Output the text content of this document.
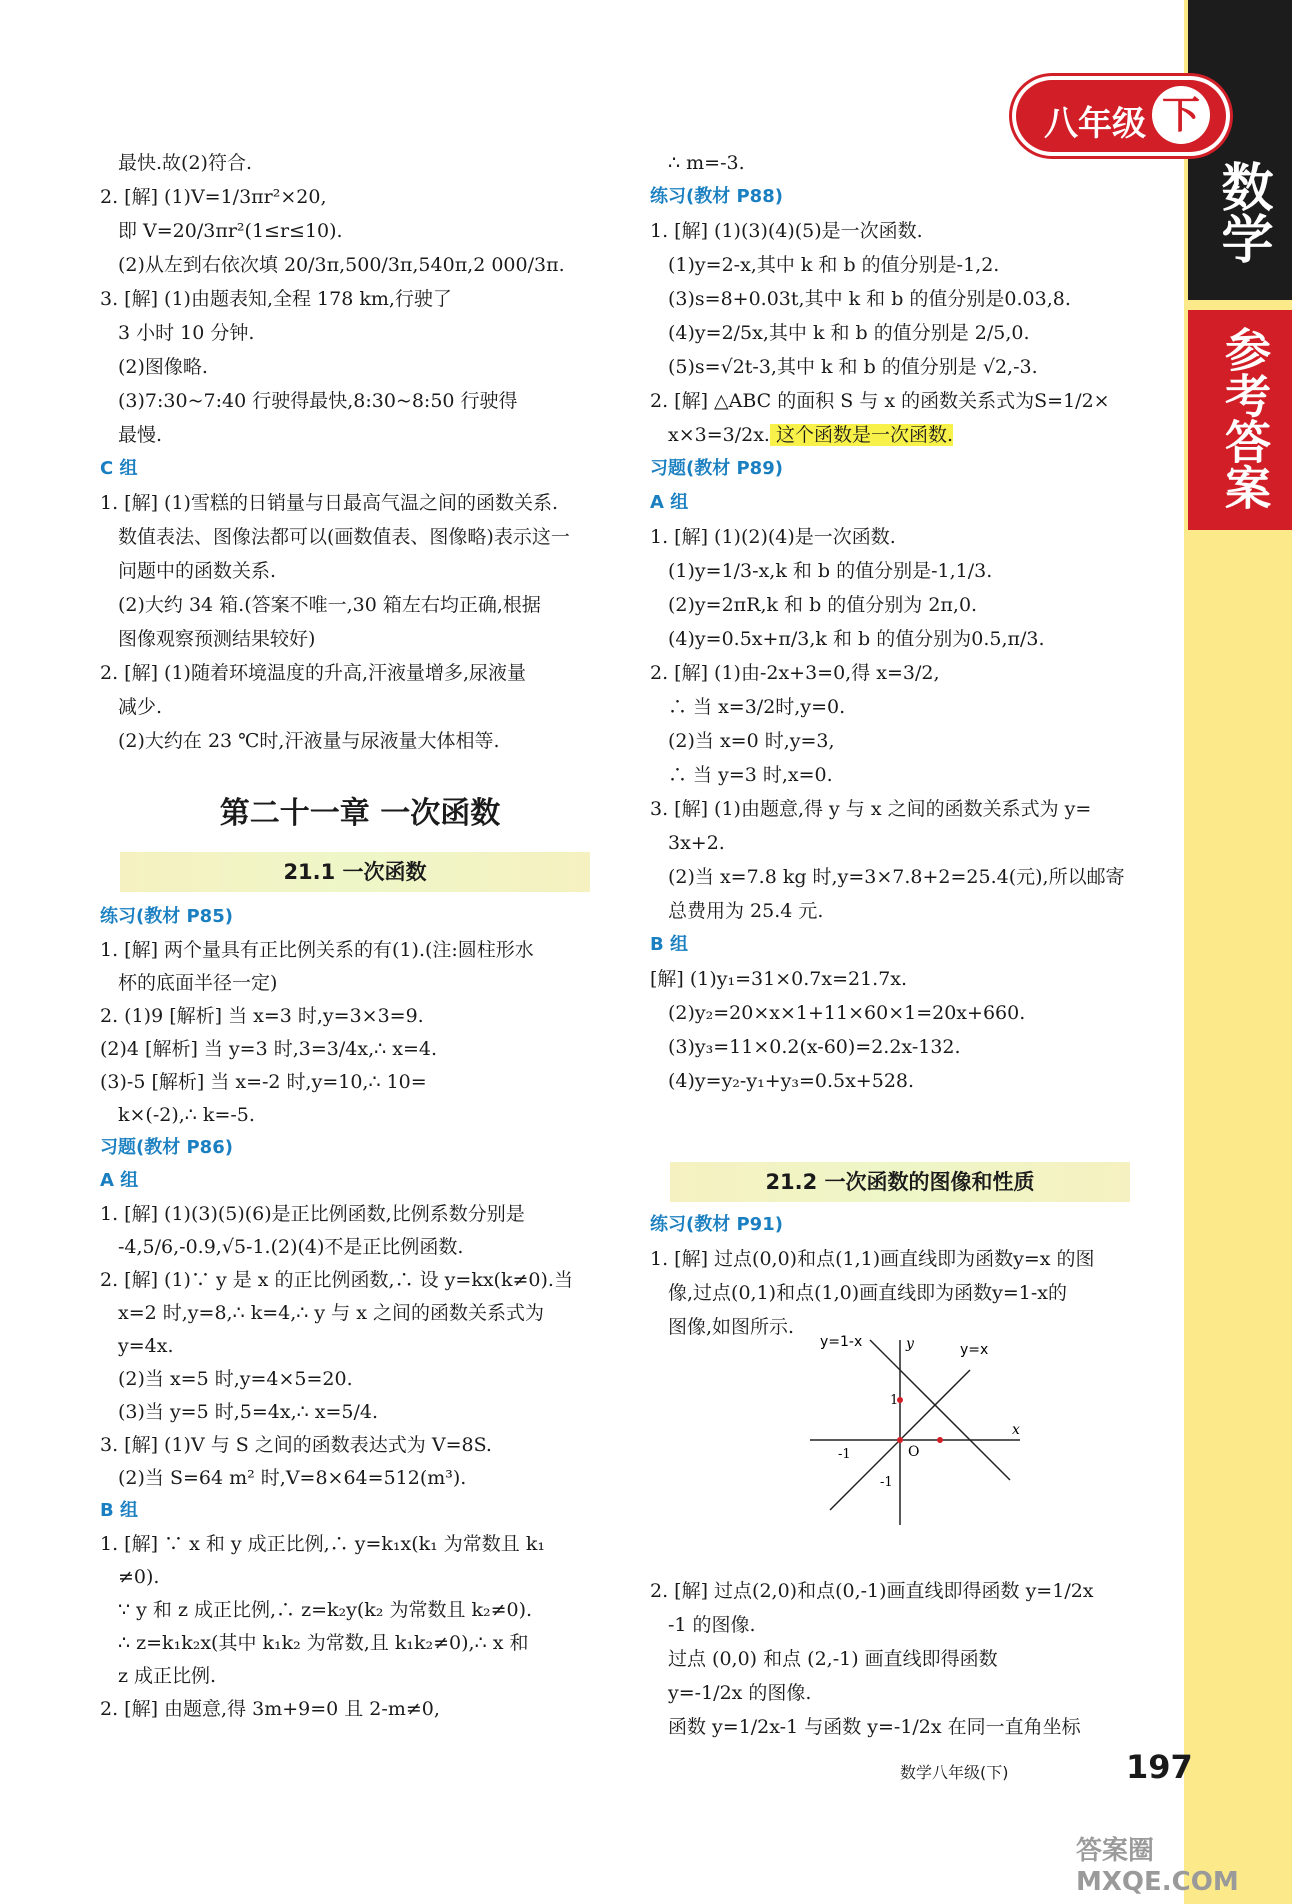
数学
参考答案
八年级 下
最快.故(2)符合.
2. [解] (1)V=1/3πr²×20,
即 V=20/3πr²(1≤r≤10).
(2)从左到右依次填 20/3π,500/3π,540π,2 000/3π.
3. [解] (1)由题表知,全程 178 km,行驶了
3 小时 10 分钟.
(2)图像略.
(3)7:30~7:40 行驶得最快,8:30~8:50 行驶得
最慢.
C 组
1. [解] (1)雪糕的日销量与日最高气温之间的函数关系.
数值表法、图像法都可以(画数值表、图像略)表示这一
问题中的函数关系.
(2)大约 34 箱.(答案不唯一,30 箱左右均正确,根据
图像观察预测结果较好)
2. [解] (1)随着环境温度的升高,汗液量增多,尿液量
减少.
(2)大约在 23 ℃时,汗液量与尿液量大体相等.
第二十一章 一次函数
21.1 一次函数
练习(教材 P85)
1. [解] 两个量具有正比例关系的有(1).(注:圆柱形水
杯的底面半径一定)
2. (1)9 [解析] 当 x=3 时,y=3×3=9.
(2)4 [解析] 当 y=3 时,3=3/4x,∴ x=4.
(3)-5 [解析] 当 x=-2 时,y=10,∴ 10=
k×(-2),∴ k=-5.
习题(教材 P86)
A 组
1. [解] (1)(3)(5)(6)是正比例函数,比例系数分别是
-4,5/6,-0.9,√5-1.(2)(4)不是正比例函数.
2. [解] (1)∵ y 是 x 的正比例函数,∴ 设 y=kx(k≠0).当
x=2 时,y=8,∴ k=4,∴ y 与 x 之间的函数关系式为
y=4x.
(2)当 x=5 时,y=4×5=20.
(3)当 y=5 时,5=4x,∴ x=5/4.
3. [解] (1)V 与 S 之间的函数表达式为 V=8S.
(2)当 S=64 m² 时,V=8×64=512(m³).
B 组
1. [解] ∵ x 和 y 成正比例,∴ y=k₁x(k₁ 为常数且 k₁
≠0).
∵ y 和 z 成正比例,∴ z=k₂y(k₂ 为常数且 k₂≠0).
∴ z=k₁k₂x(其中 k₁k₂ 为常数,且 k₁k₂≠0),∴ x 和
z 成正比例.
2. [解] 由题意,得 3m+9=0 且 2-m≠0,
∴ m=-3.
练习(教材 P88)
1. [解] (1)(3)(4)(5)是一次函数.
(1)y=2-x,其中 k 和 b 的值分别是-1,2.
(3)s=8+0.03t,其中 k 和 b 的值分别是0.03,8.
(4)y=2/5x,其中 k 和 b 的值分别是 2/5,0.
(5)s=√2t-3,其中 k 和 b 的值分别是 √2,-3.
2. [解] △ABC 的面积 S 与 x 的函数关系式为S=1/2×
x×3=3/2x. 这个函数是一次函数.
习题(教材 P89)
A 组
1. [解] (1)(2)(4)是一次函数.
(1)y=1/3-x,k 和 b 的值分别是-1,1/3.
(2)y=2πR,k 和 b 的值分别为 2π,0.
(4)y=0.5x+π/3,k 和 b 的值分别为0.5,π/3.
2. [解] (1)由-2x+3=0,得 x=3/2,
∴ 当 x=3/2时,y=0.
(2)当 x=0 时,y=3,
∴ 当 y=3 时,x=0.
3. [解] (1)由题意,得 y 与 x 之间的函数关系式为 y=
3x+2.
(2)当 x=7.8 kg 时,y=3×7.8+2=25.4(元),所以邮寄
总费用为 25.4 元.
B 组
[解] (1)y₁=31×0.7x=21.7x.
(2)y₂=20×x×1+11×60×1=20x+660.
(3)y₃=11×0.2(x-60)=2.2x-132.
(4)y=y₂-y₁+y₃=0.5x+528.
21.2 一次函数的图像和性质
练习(教材 P91)
1. [解] 过点(0,0)和点(1,1)画直线即为函数y=x 的图
像,过点(0,1)和点(1,0)画直线即为函数y=1-x的
图像,如图所示.
2. [解] 过点(2,0)和点(0,-1)画直线即得函数 y=1/2x
-1 的图像.
过点 (0,0) 和点 (2,-1) 画直线即得函数
y=-1/2x 的图像.
函数 y=1/2x-1 与函数 y=-1/2x 在同一直角坐标
y=1-x	y=x
y
x
O
1
-1
-1
数学八年级(下)	197
答案圈 MXQE.COM
